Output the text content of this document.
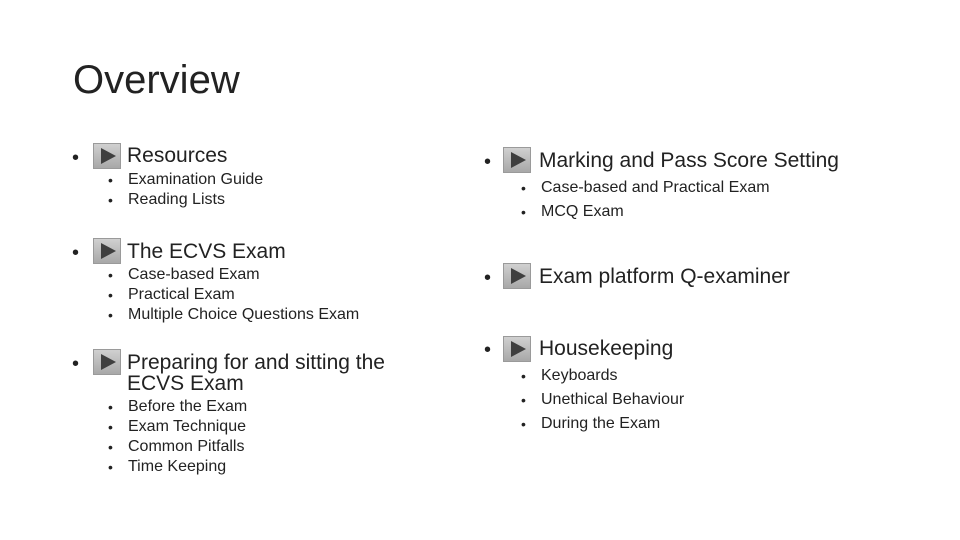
Overview
• Resources
• Examination Guide
• Reading Lists
• The ECVS Exam
• Case-based Exam
• Practical Exam
• Multiple Choice Questions Exam
• Preparing for and sitting the
ECVS Exam
• Before the Exam
• Exam Technique
• Common Pitfalls
• Time Keeping
• Marking and Pass Score Setting
• Case-based and Practical Exam
• MCQ Exam
• Exam platform Q-examiner
• Housekeeping
• Keyboards
• Unethical Behaviour
• During the Exam
